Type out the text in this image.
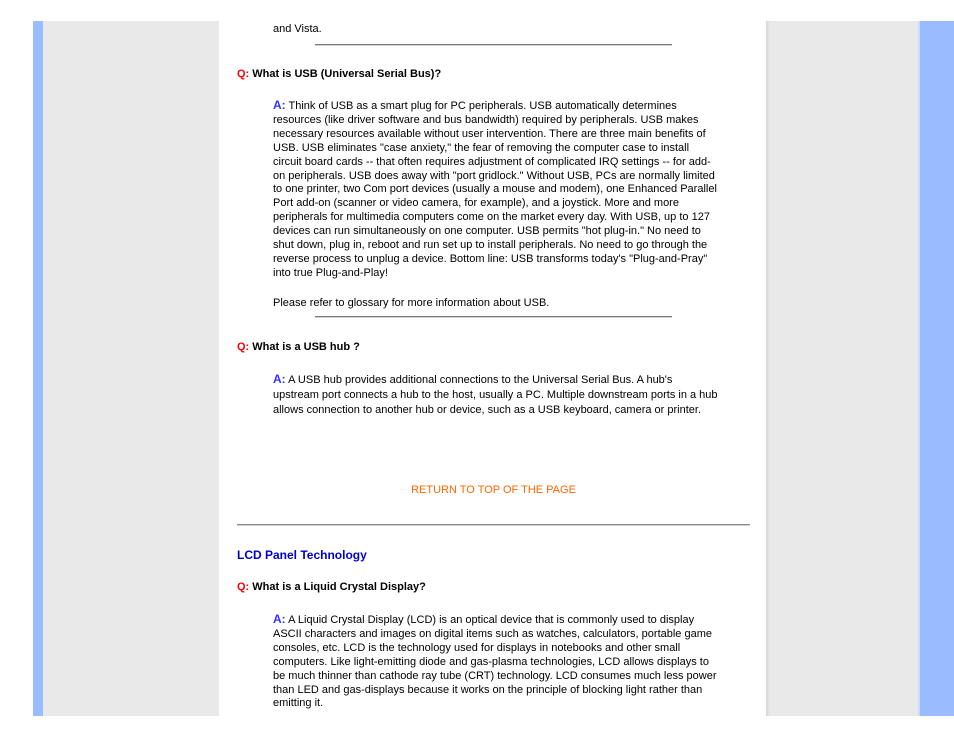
and Vista.
Q: What is USB (Universal Serial Bus)?
A: Think of USB as a smart plug for PC peripherals. USB automatically determines resources (like driver software and bus bandwidth) required by peripherals. USB makes necessary resources available without user intervention. There are three main benefits of USB. USB eliminates "case anxiety," the fear of removing the computer case to install circuit board cards -- that often requires adjustment of complicated IRQ settings -- for add-on peripherals. USB does away with "port gridlock." Without USB, PCs are normally limited to one printer, two Com port devices (usually a mouse and modem), one Enhanced Parallel Port add-on (scanner or video camera, for example), and a joystick. More and more peripherals for multimedia computers come on the market every day. With USB, up to 127 devices can run simultaneously on one computer. USB permits "hot plug-in." No need to shut down, plug in, reboot and run set up to install peripherals. No need to go through the reverse process to unplug a device. Bottom line: USB transforms today's "Plug-and-Pray" into true Plug-and-Play!
Please refer to glossary for more information about USB.
Q: What is a USB hub ?
A: A USB hub provides additional connections to the Universal Serial Bus. A hub's upstream port connects a hub to the host, usually a PC. Multiple downstream ports in a hub allows connection to another hub or device, such as a USB keyboard, camera or printer.
RETURN TO TOP OF THE PAGE
LCD Panel Technology
Q: What is a Liquid Crystal Display?
A: A Liquid Crystal Display (LCD) is an optical device that is commonly used to display ASCII characters and images on digital items such as watches, calculators, portable game consoles, etc. LCD is the technology used for displays in notebooks and other small computers. Like light-emitting diode and gas-plasma technologies, LCD allows displays to be much thinner than cathode ray tube (CRT) technology. LCD consumes much less power than LED and gas-displays because it works on the principle of blocking light rather than emitting it.
